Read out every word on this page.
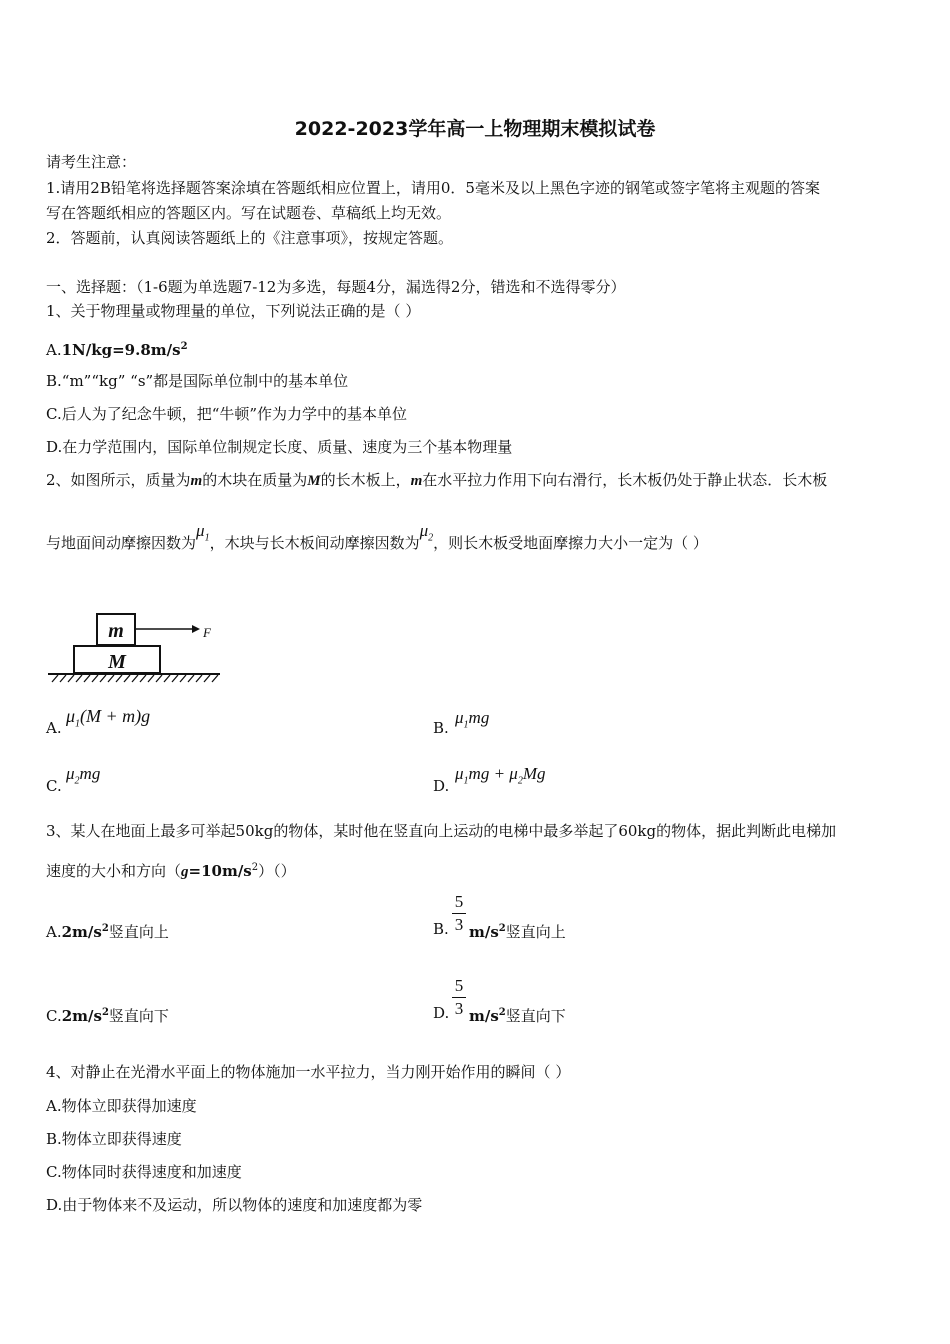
2022-2023学年高一上物理期末模拟试卷
请考生注意：
1.请用2B铅笔将选择题答案涂填在答题纸相应位置上，请用0．5毫米及以上黑色字迹的钢笔或签字笔将主观题的答案
写在答题纸相应的答题区内。写在试题卷、草稿纸上均无效。
2．答题前，认真阅读答题纸上的《注意事项》，按规定答题。
一、选择题：（1-6题为单选题7-12为多选，每题4分，漏选得2分，错选和不选得零分）
1、关于物理量或物理量的单位，下列说法正确的是（ ）
$A.1N/kg=9.8m/s^2$
B.“m”“kg” “s”都是国际单位制中的基本单位
C.后人为了纪念牛顿，把“牛顿”作为力学中的基本单位
D.在力学范围内，国际单位制规定长度、质量、速度为三个基本物理量
2、如图所示，质量为m的木块在质量为M的长木板上，m在水平拉力作用下向右滑行，长木板仍处于静止状态．长木板
与地面间动摩擦因数为$\mu_1$，木块与长木板间动摩擦因数为$\mu_2$，则长木板受地面摩擦力大小一定为（ ）
M
m	F
A.
$\mu_1(M + m)g$
B.
$\mu_1mg$
C.
$\mu_2mg$
D.
$\mu_1mg + \mu_2Mg$
3、某人在地面上最多可举起50kg的物体，某时他在竖直向上运动的电梯中最多举起了60kg的物体，据此判断此电梯加
速度的大小和方向$(g=10m/s^2)()$
$A.2m/s^2$竖直向上	B.
5
3 $m/s^2$竖直向上
$C.2m/s^2$竖直向下	D.
5
3 $m/s^2$竖直向下
4、对静止在光滑水平面上的物体施加一水平拉力，当力刚开始作用的瞬间（ ）
A.物体立即获得加速度
B.物体立即获得速度
C.物体同时获得速度和加速度
D.由于物体来不及运动，所以物体的速度和加速度都为零
